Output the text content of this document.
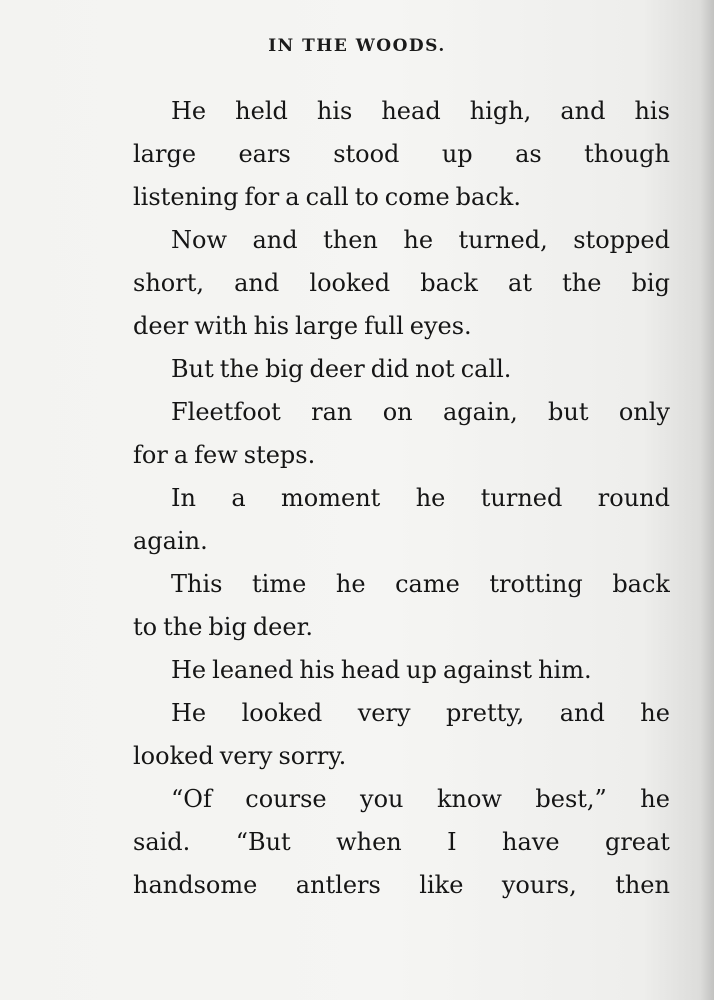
IN THE WOODS.
He held his head high, and his
large ears stood up as though
listening for a call to come back.
Now and then he turned, stopped
short, and looked back at the big
deer with his large full eyes.
But the big deer did not call.
Fleetfoot ran on again, but only
for a few steps.
In a moment he turned round
again.
This time he came trotting back
to the big deer.
He leaned his head up against him.
He looked very pretty, and he
looked very sorry.
“Of course you know best,” he
said. “But when I have great
handsome antlers like yours, then
